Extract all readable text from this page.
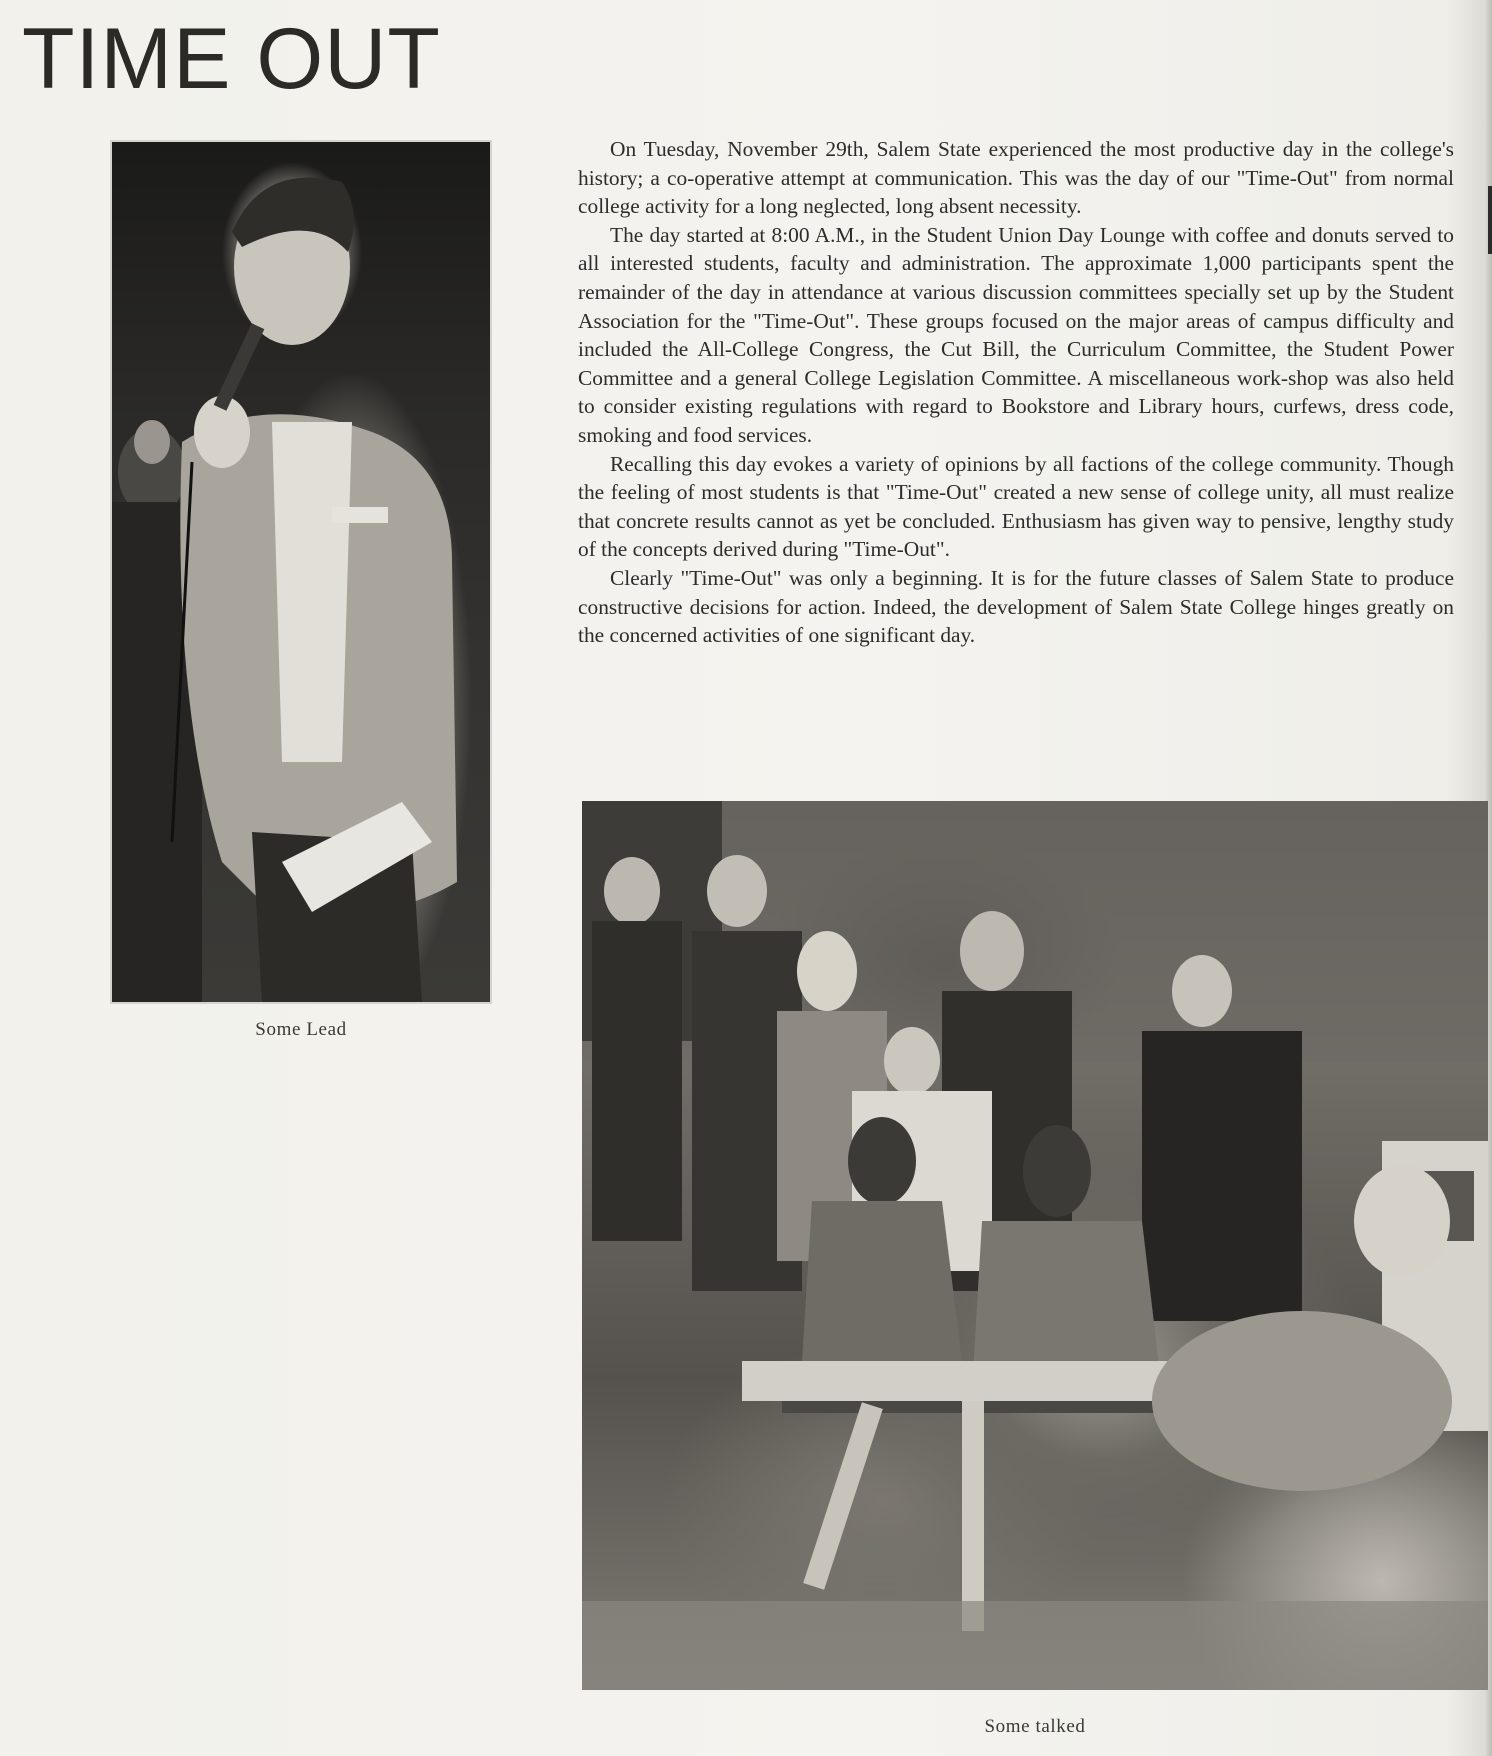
TIME OUT
Some Lead

On Tuesday, November 29th, Salem State experienced the most productive day in the college's history; a co-operative attempt at communication. This was the day of our "Time-Out" from normal college activity for a long neglected, long absent necessity.

The day started at 8:00 A.M., in the Student Union Day Lounge with coffee and donuts served to all interested students, faculty and administration. The approximate 1,000 participants spent the remainder of the day in attendance at various discussion committees specially set up by the Student Association for the "Time-Out". These groups focused on the major areas of campus difficulty and included the All-College Congress, the Cut Bill, the Curriculum Committee, the Student Power Committee and a general College Legislation Committee. A miscellaneous work-shop was also held to consider existing regulations with regard to Bookstore and Library hours, curfews, dress code, smoking and food services.

Recalling this day evokes a variety of opinions by all factions of the college community. Though the feeling of most students is that "Time-Out" created a new sense of college unity, all must realize that concrete results cannot as yet be concluded. Enthusiasm has given way to pensive, lengthy study of the concepts derived during "Time-Out".

Clearly "Time-Out" was only a beginning. It is for the future classes of Salem State to produce constructive decisions for action. Indeed, the development of Salem State College hinges greatly on the concerned activities of one significant day.

Some talked
